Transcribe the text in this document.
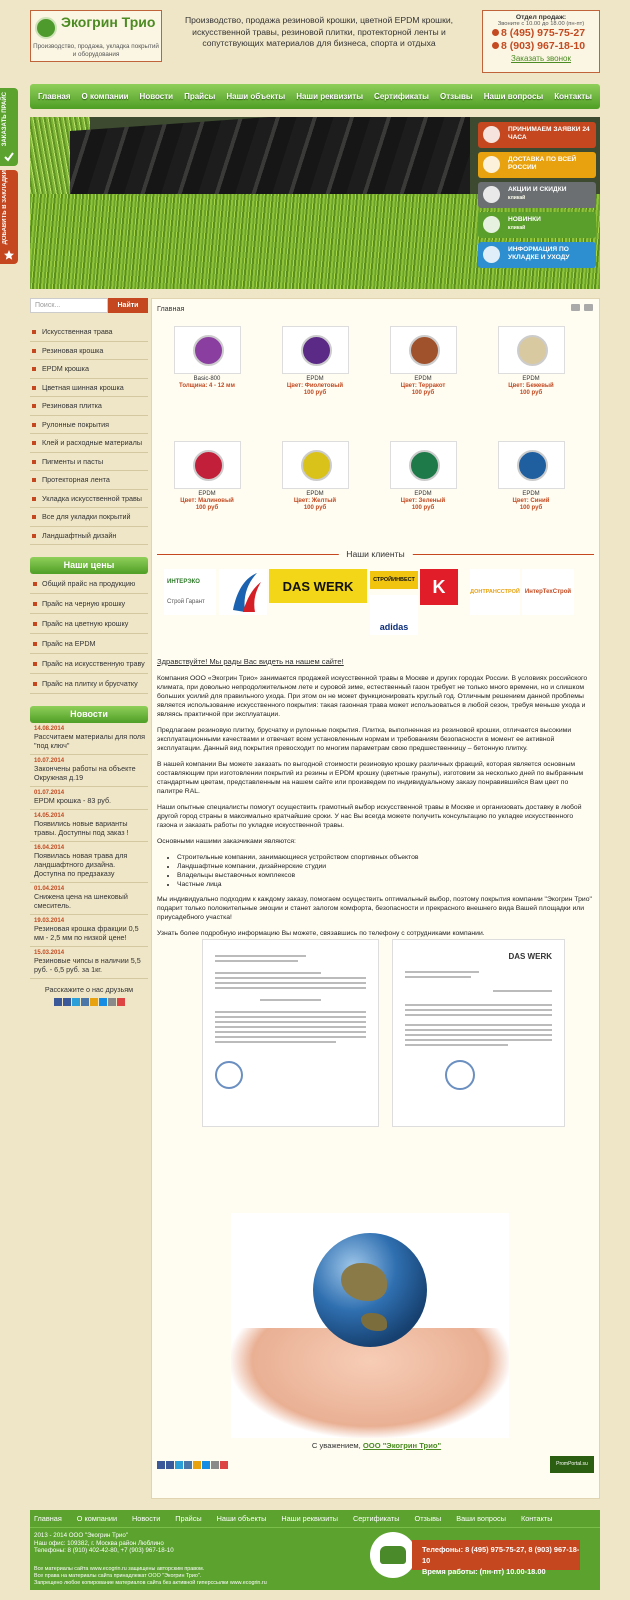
ЗАКАЗАТЬ ПРАЙС
ДОБАВИТЬ В ЗАКЛАДКИ
Экогрин Трио
Производство, продажа, укладка покрытий и оборудования
Производство, продажа резиновой крошки, цветной EPDM крошки, искусственной травы, резиновой плитки, протекторной ленты и сопутствующих материалов для бизнеса, спорта и отдыха
Отдел продаж:
Звоните с 10.00 до 18.00 (пн-пт)
8 (495) 975-75-27
8 (903) 967-18-10
Заказать звонок
Главная О компании Новости Прайсы Наши объекты Наши реквизиты Сертификаты Отзывы Наши вопросы Контакты
ПРИНИМАЕМ ЗАЯВКИ 24 ЧАСА
ДОСТАВКА ПО ВСЕЙ РОССИИ
АКЦИИ И СКИДКИ
кликай
НОВИНКИ
кликай
ИНФОРМАЦИЯ ПО УКЛАДКЕ И УХОДУ
Поиск...	Найти
Искусственная трава
Резиновая крошка
EPDM крошка
Цветная шинная крошка
Резиновая плитка
Рулонные покрытия
Клей и расходные материалы
Пигменты и пасты
Протекторная лента
Укладка искусственной травы
Все для укладки покрытий
Ландшафтный дизайн
Наши цены
Общий прайс на продукцию
Прайс на черную крошку
Прайс на цветную крошку
Прайс на EPDM
Прайс на искусственную траву
Прайс на плитку и брусчатку
Новости
14.08.2014
Рассчитаем материалы для поля "под ключ"
10.07.2014
Закончены работы на объекте Окружная д.19
01.07.2014
EPDM крошка - 83 руб.
14.05.2014
Появились новые варианты травы. Доступны под заказ !
16.04.2014
Появилась новая трава для ландшафтного дизайна. Доступна по предзаказу
01.04.2014
Снижена цена на шнековый смеситель.
19.03.2014
Резиновая крошка фракции 0,5 мм - 2,5 мм по низкой цене!
15.03.2014
Резиновые чипсы в наличии 5,5 руб. - 6,5 руб. за 1кг.
Расскажите о нас друзьям
Главная
Basic-800
Толщина: 4 - 12 мм
EPDM
Цвет: Фиолетовый
100 руб
EPDM
Цвет: Терракот
100 руб
EPDM
Цвет: Бежевый
100 руб
EPDM
Цвет: Малиновый
100 руб
EPDM
Цвет: Желтый
100 руб
EPDM
Цвет: Зеленый
100 руб
EPDM
Цвет: Синий
100 руб
Наши клиенты
ИНТЕРЭКО
Строй Гарант
DAS WERK	СТРОЙИНВЕСТ
adidas
K	ДОНТРАНССТРОЙ ИнтерТехСтрой
Здравствуйте! Мы рады Вас видеть на нашем сайте!

Компания ООО «Экогрин Трио» занимается продажей искусственной травы в Москве и других городах России. В условиях российского климата, при довольно непродолжительном лете и суровой зиме, естественный газон требует не только много времени, но и слишком больших усилий для правильного ухода. При этом он не может функционировать круглый год. Отличным решением данной проблемы является использование искусственного покрытия: такая газонная трава может использоваться в любой сезон, требуя меньше ухода и являясь практичной при эксплуатации.

Предлагаем резиновую плитку, брусчатку и рулонные покрытия. Плитка, выполненная из резиновой крошки, отличается высокими эксплуатационными качествами и отвечает всем установленным нормам и требованиям безопасности в момент ее активной эксплуатации. Данный вид покрытия превосходит по многим параметрам свою предшественницу – бетонную плитку.

В нашей компании Вы можете заказать по выгодной стоимости резиновую крошку различных фракций, которая является основным составляющим при изготовлении покрытий из резины и EPDM крошку (цветные гранулы), изготовим за несколько дней по выбранным стандартным цветам, представленным на нашем сайте или произведем по индивидуальному заказу понравившийся Вам цвет по палитре RAL.

Наши опытные специалисты помогут осуществить грамотный выбор искусственной травы в Москве и организовать доставку в любой другой город страны в максимально кратчайшие сроки. У нас Вы всегда можете получить консультацию по укладке искусственного газона и заказать работы по укладке искусственной травы.

Основными нашими заказчиками являются:

• Строительные компании, занимающиеся устройством спортивных объектов
• Ландшафтные компании, дизайнерские студии
• Владельцы выставочных комплексов
• Частные лица

Мы индивидуально подходим к каждому заказу, помогаем осуществить оптимальный выбор, поэтому покрытия компании "Экогрин Трио" подарит только положительные эмоции и станет залогом комфорта, безопасности и прекрасного внешнего вида Вашей площадки или приусадебного участка!

Узнать более подробную информацию Вы можете, связавшись по телефону с сотрудниками компании.

DAS WERK
С уважением, ООО "Экогрин Трио"
PromPortal.su
Главная О компании Новости Прайсы Наши объекты Наши реквизиты Сертификаты Отзывы Ваши вопросы Контакты
2013 - 2014 ООО "Экогрин Трио"
Наш офис: 109382, г. Москва район Люблино
Телефоны: 8 (910) 402-42-80, +7 (903) 967-18-10
Все материалы сайта www.ecogrin.ru защищены авторским правом.
Все права на материалы сайта принадлежат ООО "Экогрин Трио".
Запрещено любое копирование материалов сайта без активной гиперссылки www.ecogrin.ru
Телефоны: 8 (495) 975-75-27, 8 (903) 967-18-10
Время работы: (пн-пт) 10.00-18.00
